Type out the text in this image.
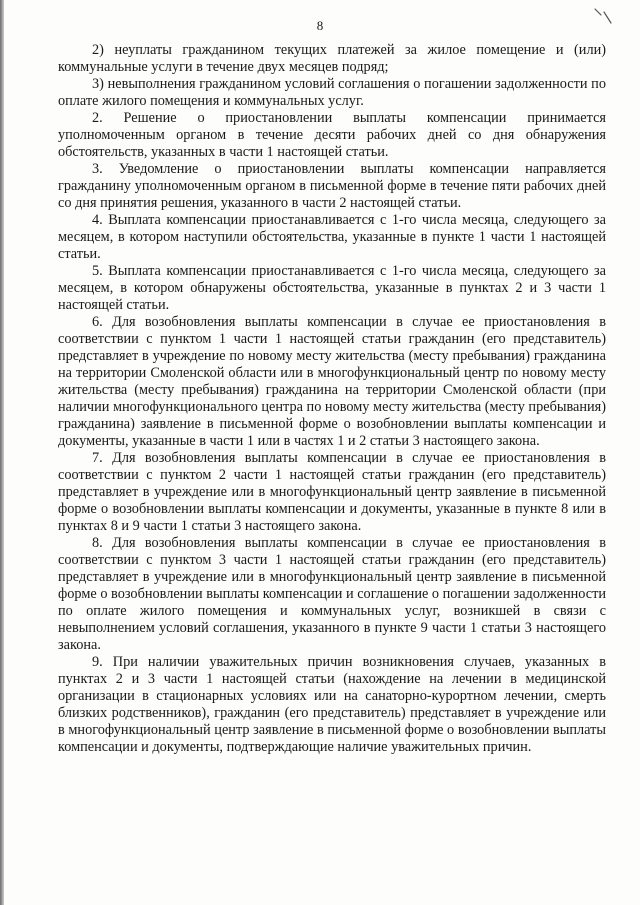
8

2) неуплаты гражданином текущих платежей за жилое помещение и (или) коммунальные услуги в течение двух месяцев подряд;

3) невыполнения гражданином условий соглашения о погашении задолженности по оплате жилого помещения и коммунальных услуг.

2. Решение о приостановлении выплаты компенсации принимается уполномоченным органом в течение десяти рабочих дней со дня обнаружения обстоятельств, указанных в части 1 настоящей статьи.

3. Уведомление о приостановлении выплаты компенсации направляется гражданину уполномоченным органом в письменной форме в течение пяти рабочих дней со дня принятия решения, указанного в части 2 настоящей статьи.

4. Выплата компенсации приостанавливается с 1-го числа месяца, следующего за месяцем, в котором наступили обстоятельства, указанные в пункте 1 части 1 настоящей статьи.

5. Выплата компенсации приостанавливается с 1-го числа месяца, следующего за месяцем, в котором обнаружены обстоятельства, указанные в пунктах 2 и 3 части 1 настоящей статьи.

6. Для возобновления выплаты компенсации в случае ее приостановления в соответствии с пунктом 1 части 1 настоящей статьи гражданин (его представитель) представляет в учреждение по новому месту жительства (месту пребывания) гражданина на территории Смоленской области или в многофункциональный центр по новому месту жительства (месту пребывания) гражданина на территории Смоленской области (при наличии многофункционального центра по новому месту жительства (месту пребывания) гражданина) заявление в письменной форме о возобновлении выплаты компенсации и документы, указанные в части 1 или в частях 1 и 2 статьи 3 настоящего закона.

7. Для возобновления выплаты компенсации в случае ее приостановления в соответствии с пунктом 2 части 1 настоящей статьи гражданин (его представитель) представляет в учреждение или в многофункциональный центр заявление в письменной форме о возобновлении выплаты компенсации и документы, указанные в пункте 8 или в пунктах 8 и 9 части 1 статьи 3 настоящего закона.

8. Для возобновления выплаты компенсации в случае ее приостановления в соответствии с пунктом 3 части 1 настоящей статьи гражданин (его представитель) представляет в учреждение или в многофункциональный центр заявление в письменной форме о возобновлении выплаты компенсации и соглашение о погашении задолженности по оплате жилого помещения и коммунальных услуг, возникшей в связи с невыполнением условий соглашения, указанного в пункте 9 части 1 статьи 3 настоящего закона.

9. При наличии уважительных причин возникновения случаев, указанных в пунктах 2 и 3 части 1 настоящей статьи (нахождение на лечении в медицинской организации в стационарных условиях или на санаторно-курортном лечении, смерть близких родственников), гражданин (его представитель) представляет в учреждение или в многофункциональный центр заявление в письменной форме о возобновлении выплаты компенсации и документы, подтверждающие наличие уважительных причин.
